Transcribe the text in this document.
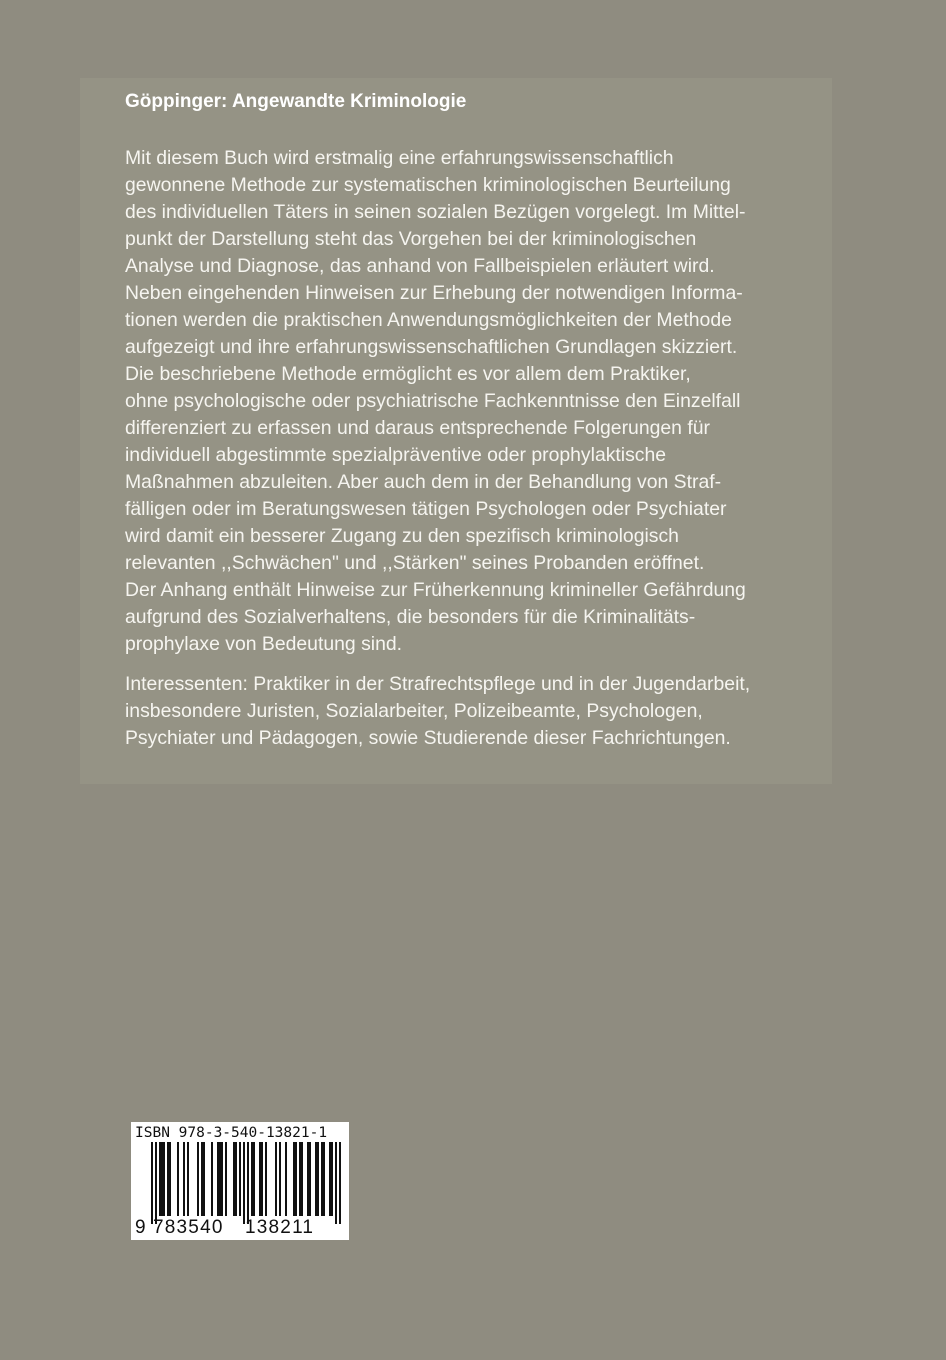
Göppinger: Angewandte Kriminologie

Mit diesem Buch wird erstmalig eine erfahrungswissenschaftlich

gewonnene Methode zur systematischen kriminologischen Beurteilung

des individuellen Täters in seinen sozialen Bezügen vorgelegt. Im Mittel-

punkt der Darstellung steht das Vorgehen bei der kriminologischen

Analyse und Diagnose, das anhand von Fallbeispielen erläutert wird.

Neben eingehenden Hinweisen zur Erhebung der notwendigen Informa-

tionen werden die praktischen Anwendungsmöglichkeiten der Methode

aufgezeigt und ihre erfahrungswissenschaftlichen Grundlagen skizziert.

Die beschriebene Methode ermöglicht es vor allem dem Praktiker,

ohne psychologische oder psychiatrische Fachkenntnisse den Einzelfall

differenziert zu erfassen und daraus entsprechende Folgerungen für

individuell abgestimmte spezialpräventive oder prophylaktische

Maßnahmen abzuleiten. Aber auch dem in der Behandlung von Straf-

fälligen oder im Beratungswesen tätigen Psychologen oder Psychiater

wird damit ein besserer Zugang zu den spezifisch kriminologisch

relevanten ,,Schwächen" und ,,Stärken" seines Probanden eröffnet.

Der Anhang enthält Hinweise zur Früherkennung krimineller Gefährdung

aufgrund des Sozialverhaltens, die besonders für die Kriminalitäts-

prophylaxe von Bedeutung sind.

Interessenten: Praktiker in der Strafrechtspflege und in der Jugendarbeit,

insbesondere Juristen, Sozialarbeiter, Polizeibeamte, Psychologen,

Psychiater und Pädagogen, sowie Studierende dieser Fachrichtungen.

ISBN 978-3-540-13821-1

9 783540 138211
